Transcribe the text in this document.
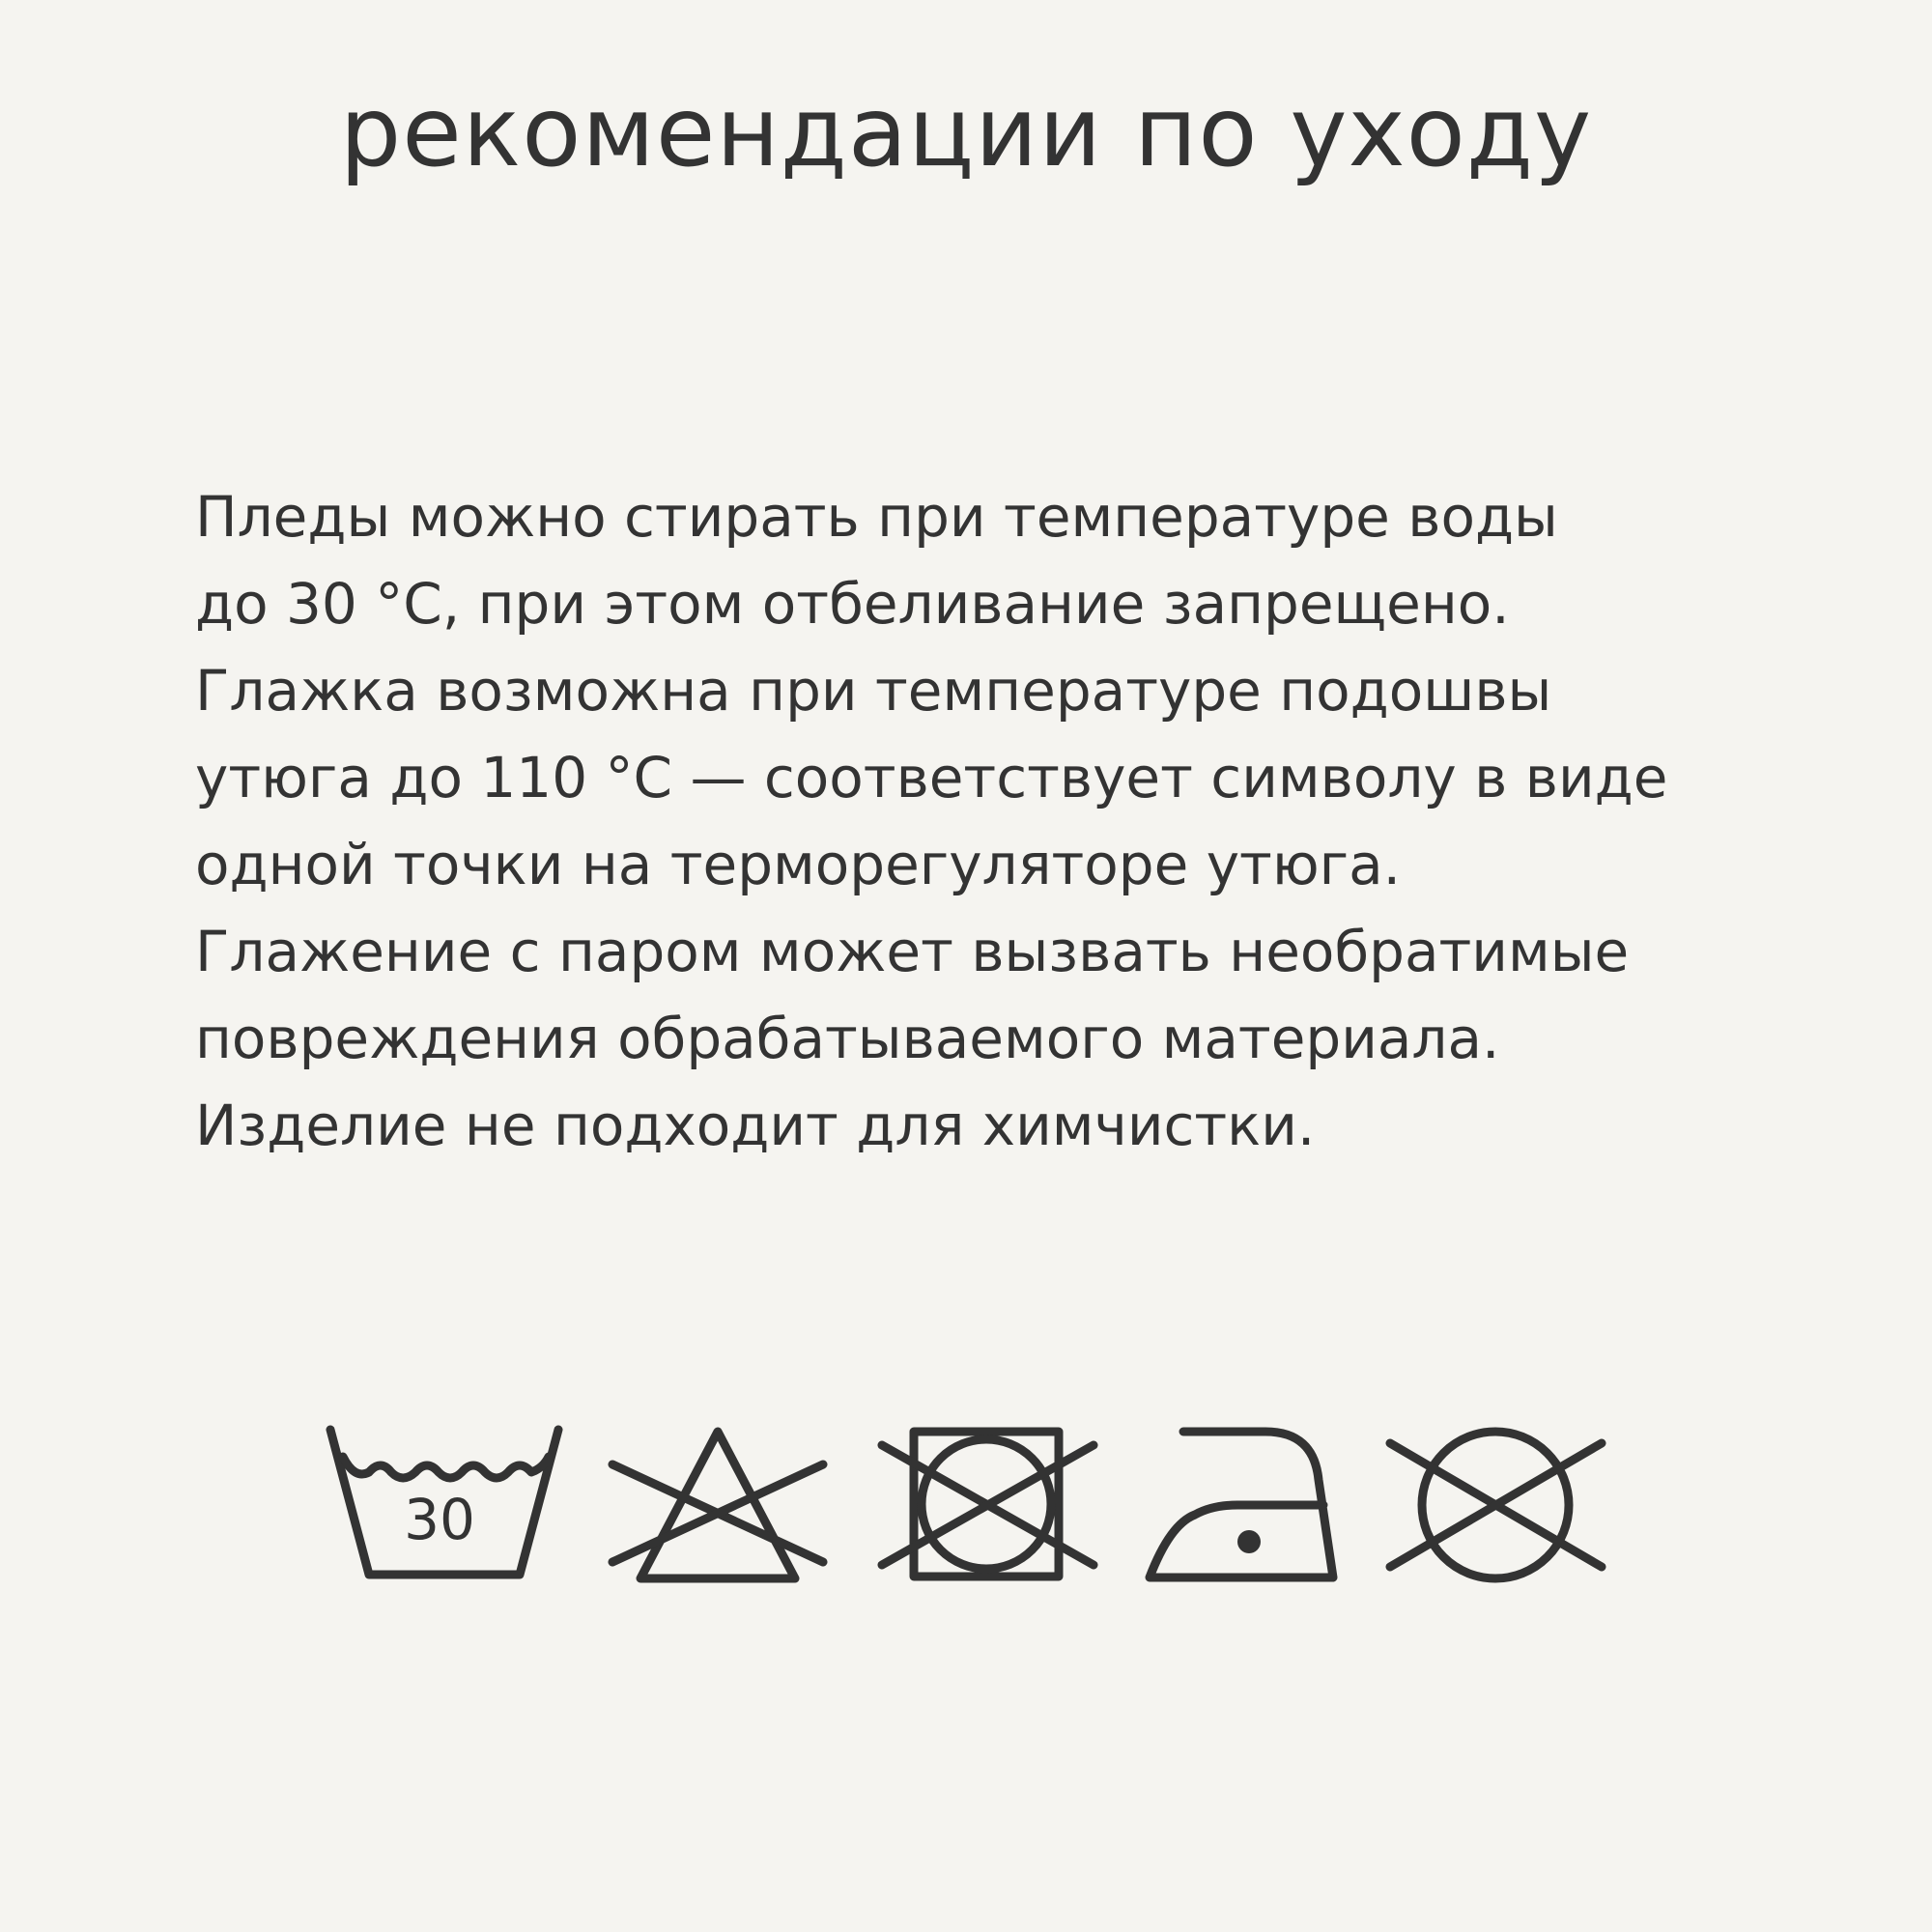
рекомендации по уходу
Пледы можно стирать при температуре воды
до 30 °С, при этом отбеливание запрещено.
Глажка возможна при температуре подошвы
утюга до 110 °С — соответствует символу в виде
одной точки на терморегуляторе утюга.
Глажение с паром может вызвать необратимые
повреждения обрабатываемого материала.
Изделие не подходит для химчистки.
30
